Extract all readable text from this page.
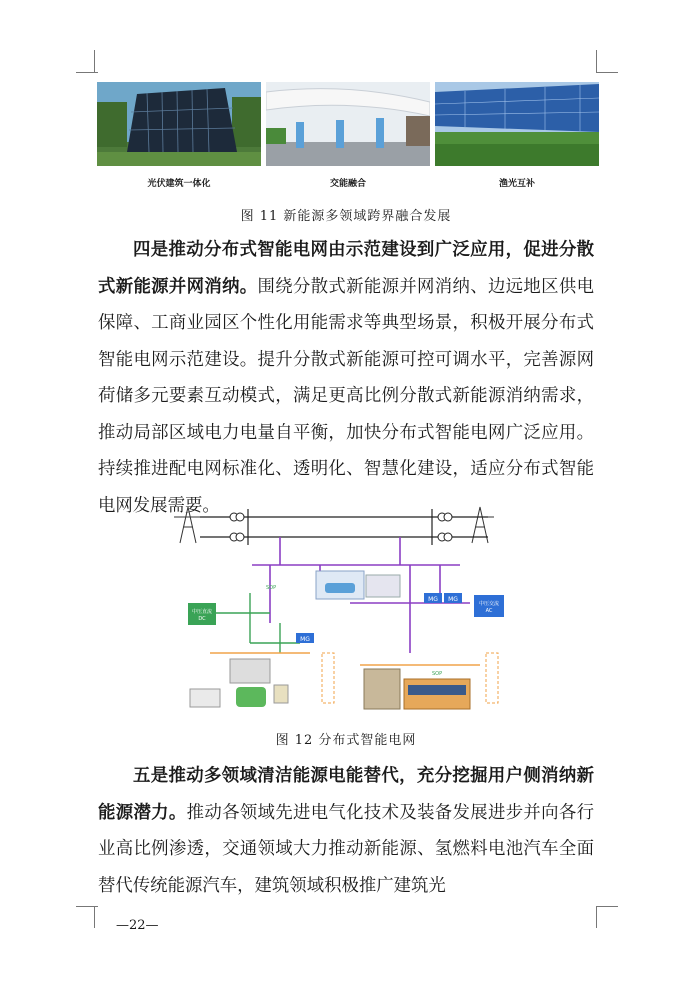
光伏建筑一体化	交能融合	渔光互补
图 11 新能源多领域跨界融合发展

四是推动分布式智能电网由示范建设到广泛应用，促进分散式新能源并网消纳。围绕分散式新能源并网消纳、边远地区供电保障、工商业园区个性化用能需求等典型场景，积极开展分布式智能电网示范建设。提升分散式新能源可控可调水平，完善源网荷储多元要素互动模式，满足更高比例分散式新能源消纳需求，推动局部区域电力电量自平衡，加快分布式智能电网广泛应用。持续推进配电网标准化、透明化、智慧化建设，适应分布式智能电网发展需要。

中压直流
DC
中压交流
AC
MG
MG MG
SOP
SOP
图 12 分布式智能电网

五是推动多领域清洁能源电能替代，充分挖掘用户侧消纳新能源潜力。推动各领域先进电气化技术及装备发展进步并向各行业高比例渗透，交通领域大力推动新能源、氢燃料电池汽车全面替代传统能源汽车，建筑领域积极推广建筑光

—22—
